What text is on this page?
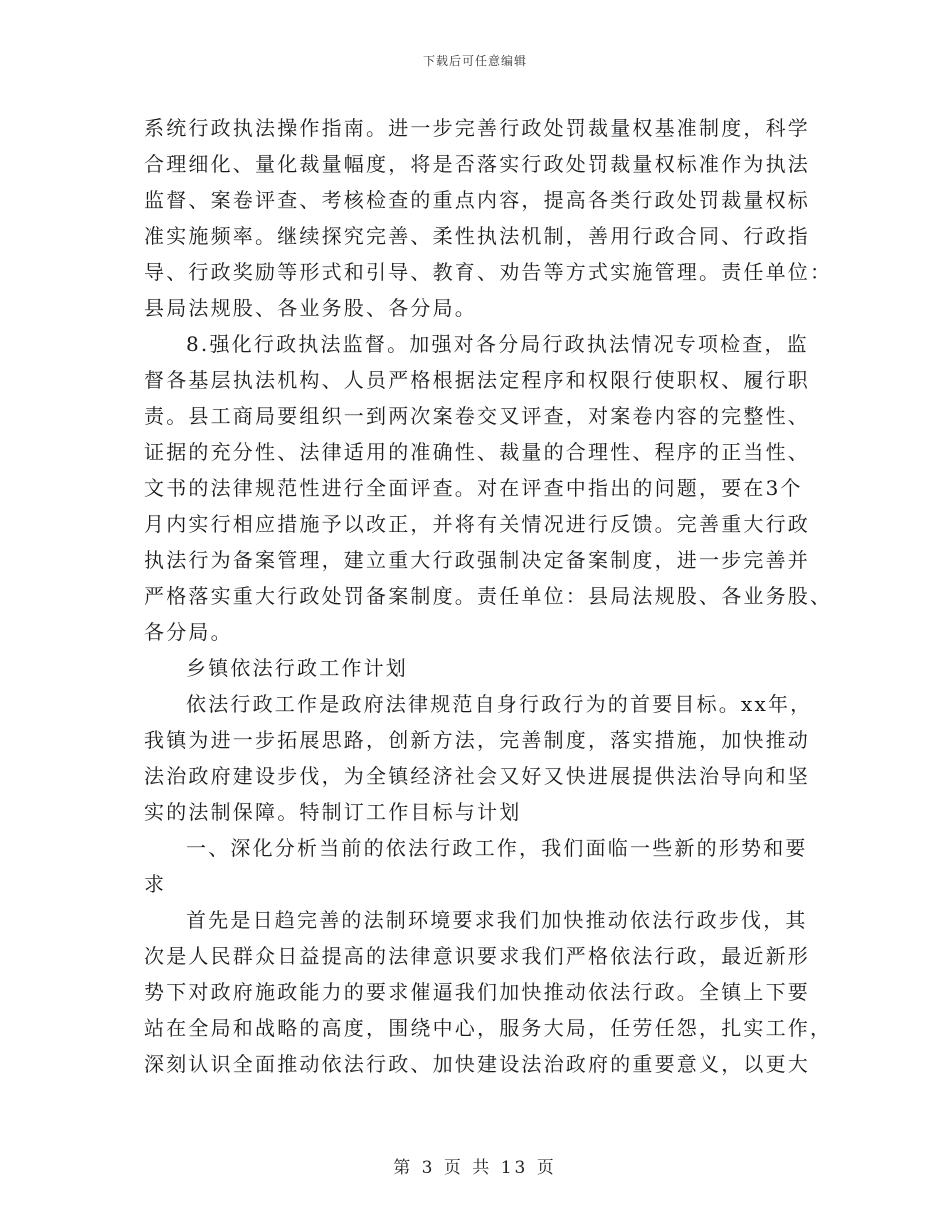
下载后可任意编辑
系统行政执法操作指南。进一步完善行政处罚裁量权基准制度，科学
合理细化、量化裁量幅度，将是否落实行政处罚裁量权标准作为执法
监督、案卷评查、考核检查的重点内容，提高各类行政处罚裁量权标
准实施频率。继续探究完善、柔性执法机制，善用行政合同、行政指
导、行政奖励等形式和引导、教育、劝告等方式实施管理。责任单位：
县局法规股、各业务股、各分局。
8.强化行政执法监督。加强对各分局行政执法情况专项检查，监
督各基层执法机构、人员严格根据法定程序和权限行使职权、履行职
责。县工商局要组织一到两次案卷交叉评查，对案卷内容的完整性、
证据的充分性、法律适用的准确性、裁量的合理性、程序的正当性、
文书的法律规范性进行全面评查。对在评查中指出的问题，要在3个
月内实行相应措施予以改正，并将有关情况进行反馈。完善重大行政
执法行为备案管理，建立重大行政强制决定备案制度，进一步完善并
严格落实重大行政处罚备案制度。责任单位：县局法规股、各业务股、
各分局。
乡镇依法行政工作计划
依法行政工作是政府法律规范自身行政行为的首要目标。xx年，
我镇为进一步拓展思路，创新方法，完善制度，落实措施，加快推动
法治政府建设步伐，为全镇经济社会又好又快进展提供法治导向和坚
实的法制保障。特制订工作目标与计划
一、深化分析当前的依法行政工作，我们面临一些新的形势和要
求
首先是日趋完善的法制环境要求我们加快推动依法行政步伐，其
次是人民群众日益提高的法律意识要求我们严格依法行政，最近新形
势下对政府施政能力的要求催逼我们加快推动依法行政。全镇上下要
站在全局和战略的高度，围绕中心，服务大局，任劳任怨，扎实工作，
深刻认识全面推动依法行政、加快建设法治政府的重要意义，以更大
第 3 页 共 13 页
